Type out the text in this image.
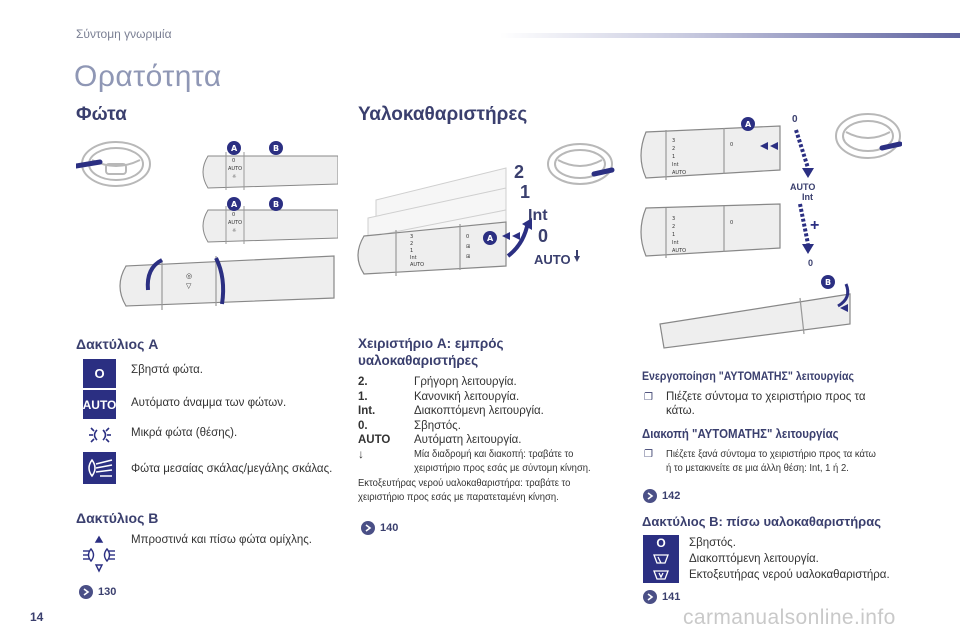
Σύντομη γνωριμία
Ορατότητα
Φώτα
0
AUTO
☼
A	B
0
AUTO
☼
A	B
◎
▽
Δακτύλιος A
O Σβηστά φώτα.
AUTO Αυτόματο άναμμα των φώτων.
Μικρά φώτα (θέσης).
Φώτα μεσαίας σκάλας/μεγάλης σκάλας.
Δακτύλιος B
Μπροστινά και πίσω φώτα ομίχλης.
130
Υαλοκαθαριστήρες
3
2
1
Int
AUTO
0
⊞
⊞
A
2
1
Int
0
AUTO
Χειριστήριο A: εμπρός
υαλοκαθαριστήρες
2.	Γρήγορη λειτουργία.
1.	Κανονική λειτουργία.
Int.	Διακοπτόμενη λειτουργία.
0.	Σβηστός.
AUTO	Αυτόματη λειτουργία.
↓	Μία διαδρομή και διακοπή: τραβάτε το
χειριστήριο προς εσάς με σύντομη κίνηση.
Εκτοξευτήρας νερού υαλοκαθαριστήρα: τραβάτε το
χειριστήριο προς εσάς με παρατεταμένη κίνηση.
140
3
2
1
Int
AUTO
0
A	0
AUTO
Int
3
2
1
Int
AUTO
0	+
0
B
Ενεργοποίηση "ΑΥΤΟΜΑΤΗΣ" λειτουργίας
❐ Πιέζετε σύντομα το χειριστήριο προς τα
κάτω.
Διακοπή "ΑΥΤΟΜΑΤΗΣ" λειτουργίας
❐ Πιέζετε ξανά σύντομα το χειριστήριο προς τα κάτω
ή το μετακινείτε σε μια άλλη θέση: Int, 1 ή 2.
142
Δακτύλιος B: πίσω υαλοκαθαριστήρας
O	Σβηστός.
Διακοπτόμενη λειτουργία.
Εκτοξευτήρας νερού υαλοκαθαριστήρα.
141
14	carmanualsonline.info
